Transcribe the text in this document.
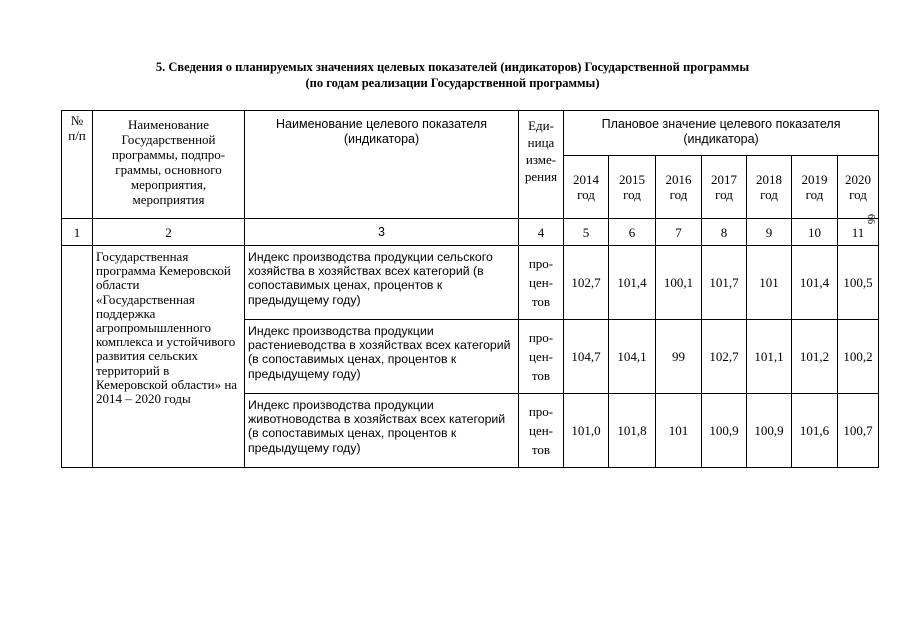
5. Сведения о планируемых значениях целевых показателей (индикаторов) Государственной программы
(по годам реализации Государственной программы)
66
№ п/п	Наименование Государственной программы, подпро- граммы, основного мероприятия, мероприятия	Наименование целевого показателя (индикатора)	Еди- ница изме- рения	Плановое значение целевого показателя (индикатора)						
				2014 год	2015 год	2016 год	2017 год	2018 год	2019 год	2020 год
1	2	3	4	5	6	7	8	9	10	11
	Государственная программа Кемеровской области «Государственная поддержка агропромышленного комплекса и устойчивого развития сельских территорий в Кемеровской области» на 2014 – 2020 годы	Индекс производства продукции сельского хозяйства в хозяйствах всех категорий (в сопоставимых ценах, процентов к предыдущему году)	про- цен- тов	102,7	101,4	100,1	101,7	101	101,4	100,5
		Индекс производства продукции растениеводства в хозяйствах всех категорий (в сопоставимых ценах, процентов к предыдущему году)	про- цен- тов	104,7	104,1	99	102,7	101,1	101,2	100,2
		Индекс производства продукции животноводства в хозяйствах всех категорий (в сопоставимых ценах, процентов к предыдущему году)	про- цен- тов	101,0	101,8	101	100,9	100,9	101,6	100,7
